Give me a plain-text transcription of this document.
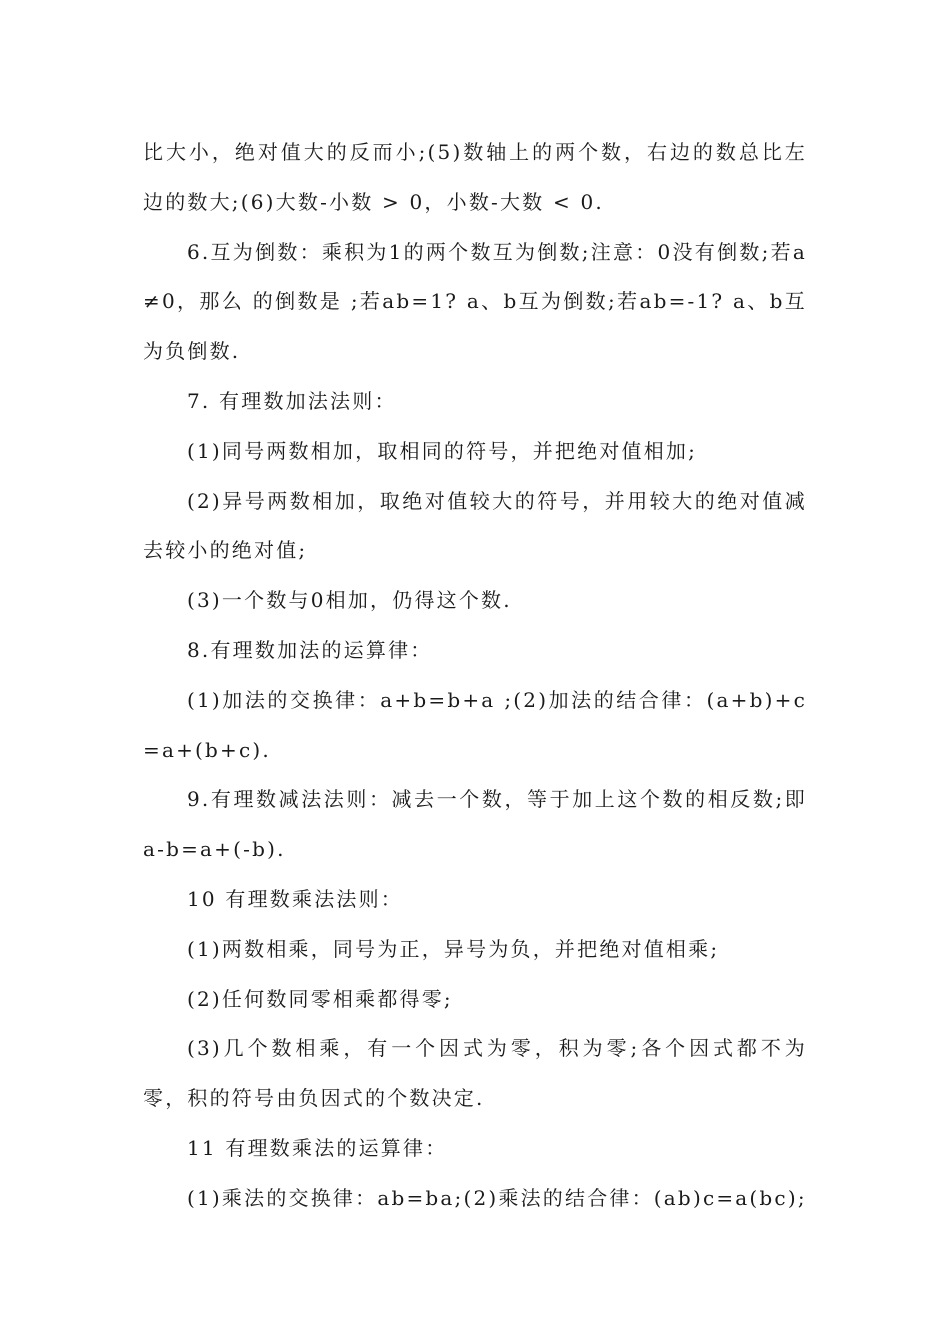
比大小，绝对值大的反而小;(5)数轴上的两个数，右边的数总比左边的数大;(6)大数-小数 > 0，小数-大数 < 0.

6.互为倒数：乘积为1的两个数互为倒数;注意：0没有倒数;若a≠0，那么 的倒数是 ;若ab=1? a、b互为倒数;若ab=-1? a、b互为负倒数.

7. 有理数加法法则：

(1)同号两数相加，取相同的符号，并把绝对值相加;

(2)异号两数相加，取绝对值较大的符号，并用较大的绝对值减去较小的绝对值;

(3)一个数与0相加，仍得这个数.

8.有理数加法的运算律：

(1)加法的交换律：a+b=b+a ;(2)加法的结合律：(a+b)+c=a+(b+c).

9.有理数减法法则：减去一个数，等于加上这个数的相反数;即a-b=a+(-b).

10 有理数乘法法则：

(1)两数相乘，同号为正，异号为负，并把绝对值相乘;

(2)任何数同零相乘都得零;

(3)几个数相乘，有一个因式为零，积为零;各个因式都不为零，积的符号由负因式的个数决定.

11 有理数乘法的运算律：

(1)乘法的交换律：ab=ba;(2)乘法的结合律：(ab)c=a(bc);
